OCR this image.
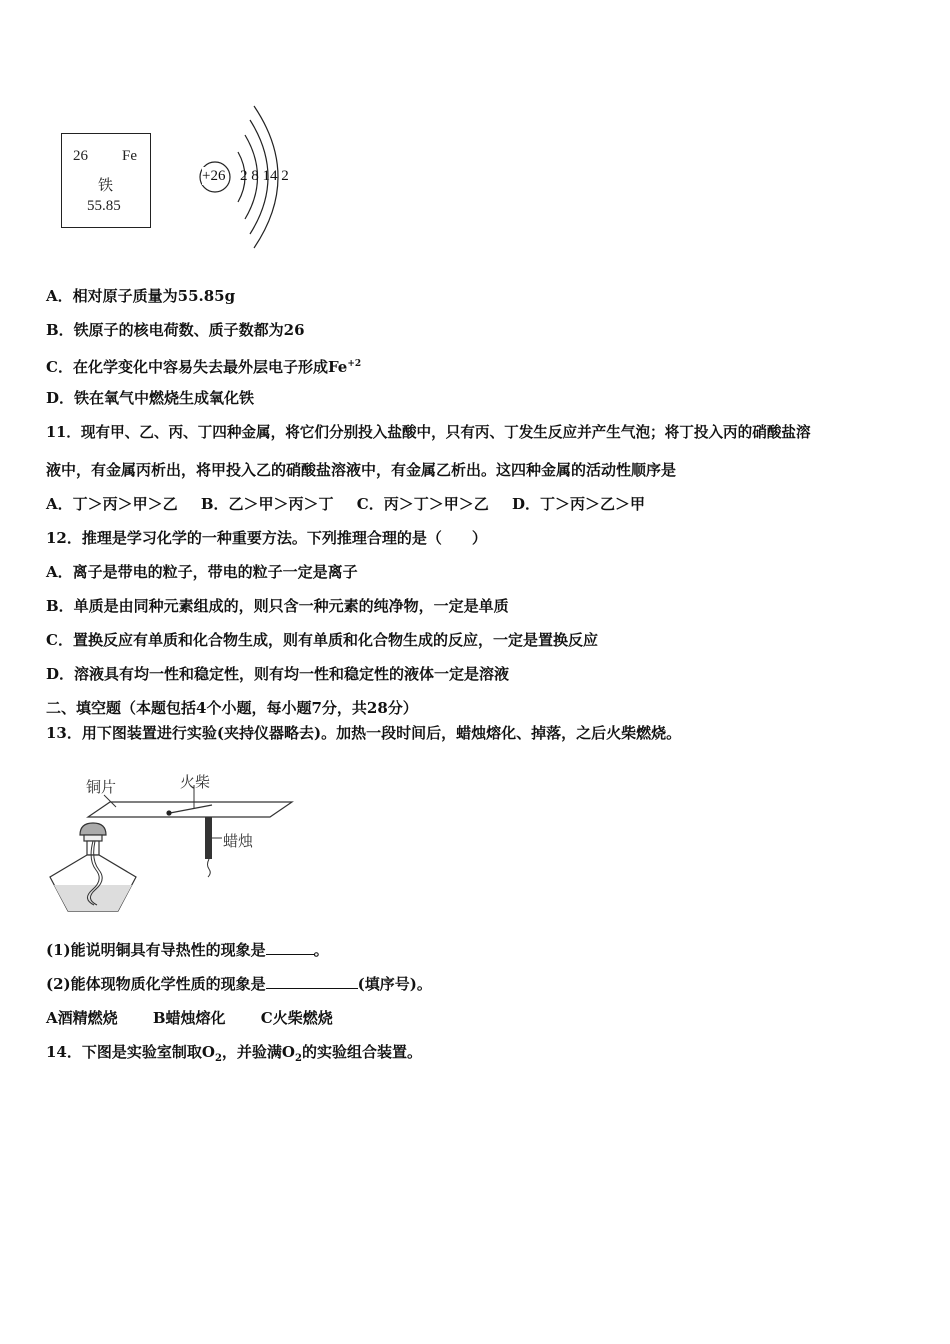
26 Fe
铁
55.85
+26 2 8 14 2
A．相对原子质量为55.85g
B．铁原子的核电荷数、质子数都为26
C．在化学变化中容易失去最外层电子形成$Fe^{+2}$
D．铁在氧气中燃烧生成氧化铁
11．现有甲、乙、丙、丁四种金属，将它们分别投入盐酸中，只有丙、丁发生反应并产生气泡；将丁投入丙的硝酸盐溶
液中，有金属丙析出，将甲投入乙的硝酸盐溶液中，有金属乙析出。这四种金属的活动性顺序是
A．丁＞丙＞甲＞乙 B．乙＞甲＞丙＞丁 C．丙＞丁＞甲＞乙 D．丁＞丙＞乙＞甲
12．推理是学习化学的一种重要方法。下列推理合理的是（　　）
A．离子是带电的粒子，带电的粒子一定是离子
B．单质是由同种元素组成的，则只含一种元素的纯净物，一定是单质
C．置换反应有单质和化合物生成，则有单质和化合物生成的反应，一定是置换反应
D．溶液具有均一性和稳定性，则有均一性和稳定性的液体一定是溶液
二、填空题（本题包括4个小题，每小题7分，共28分）
13．用下图装置进行实验(夹持仪器略去)。加热一段时间后，蜡烛熔化、掉落，之后火柴燃烧。
铜片	火柴
蜡烛
(1)能说明铜具有导热性的现象是	。
(2)能体现物质化学性质的现象是	(填序号)。
A酒精燃烧 B蜡烛熔化 C火柴燃烧
14．下图是实验室制取$O_2$，并验满$O_2$的实验组合装置。
